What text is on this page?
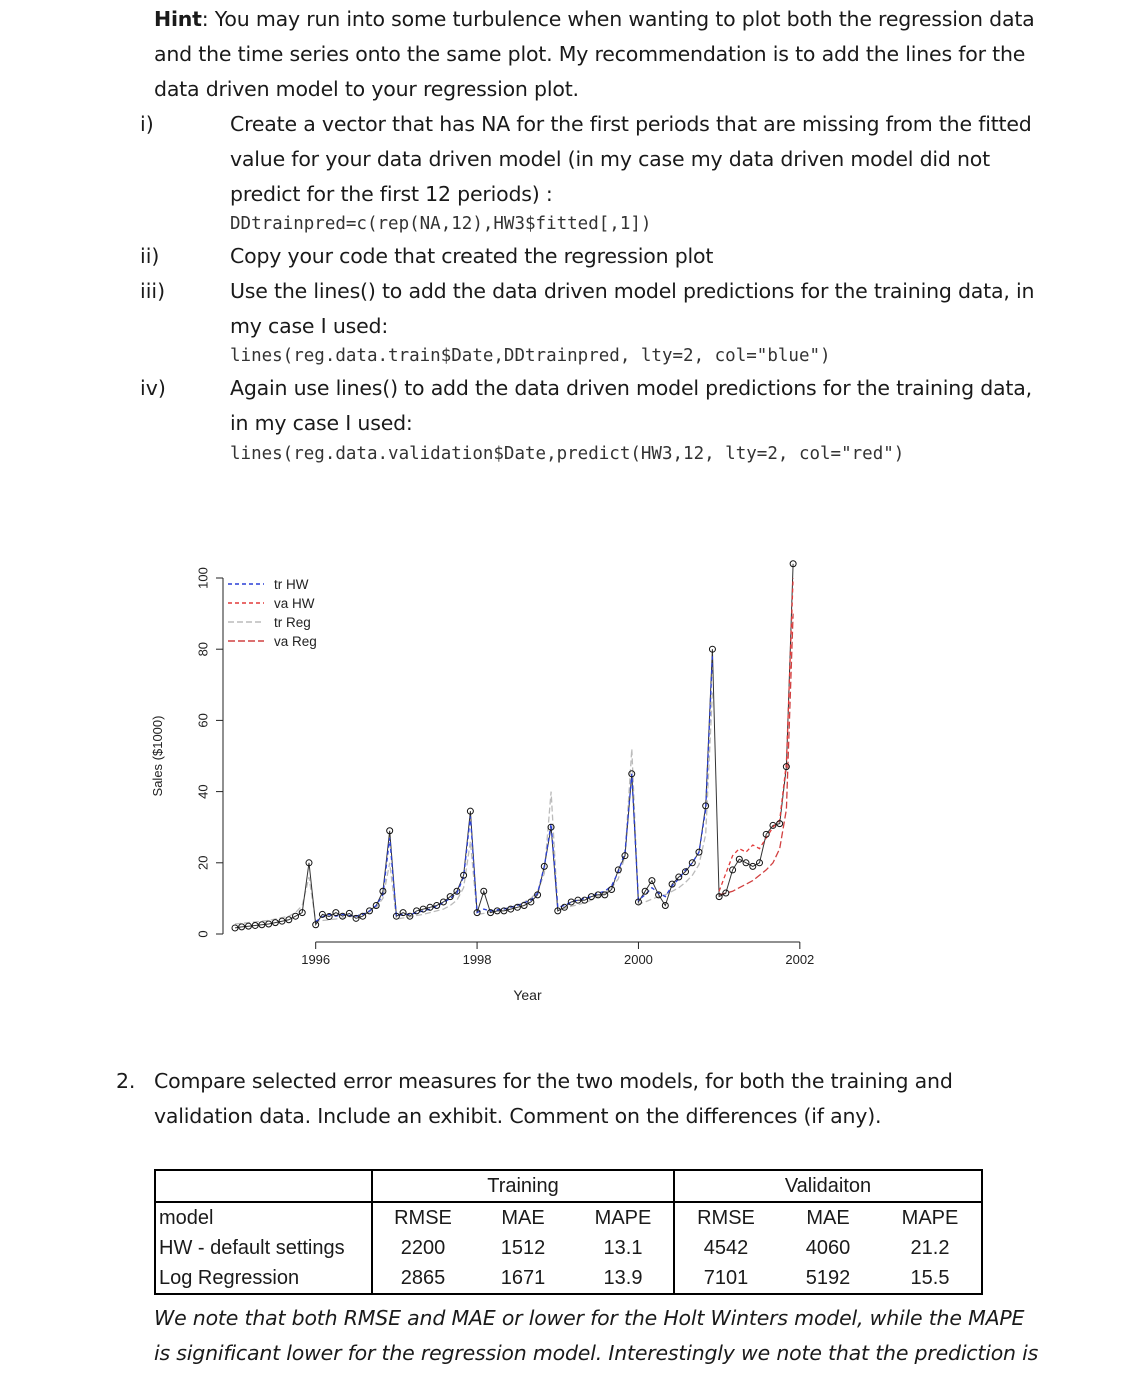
Hint: You may run into some turbulence when wanting to plot both the regression data
and the time series onto the same plot. My recommendation is to add the lines for the
data driven model to your regression plot.
i)	Create a vector that has NA for the first periods that are missing from the fitted
value for your data driven model (in my case my data driven model did not
predict for the first 12 periods) :
DDtrainpred=c(rep(NA,12),HW3$fitted[,1])
ii)	Copy your code that created the regression plot
iii)	Use the lines() to add the data driven model predictions for the training data, in
my case I used:
lines(reg.data.train$Date,DDtrainpred, lty=2, col="blue")
iv)	Again use lines() to add the data driven model predictions for the training data,
in my case I used:
lines(reg.data.validation$Date,predict(HW3,12, lty=2, col="red")
0
20
40
60
80
100
Sales ($1000)
1996	1998	2000	2002
Year
tr HW
va HW
tr Reg
va Reg
2. Compare selected error measures for the two models, for both the training and
validation data. Include an exhibit. Comment on the differences (if any).
	Training			Validaiton		
model	RMSE	MAE	MAPE	RMSE	MAE	MAPE
HW - default settings	2200	1512	13.1	4542	4060	21.2
Log Regression	2865	1671	13.9	7101	5192	15.5
We note that both RMSE and MAE or lower for the Holt Winters model, while the MAPE
is significant lower for the regression model. Interestingly we note that the prediction is
